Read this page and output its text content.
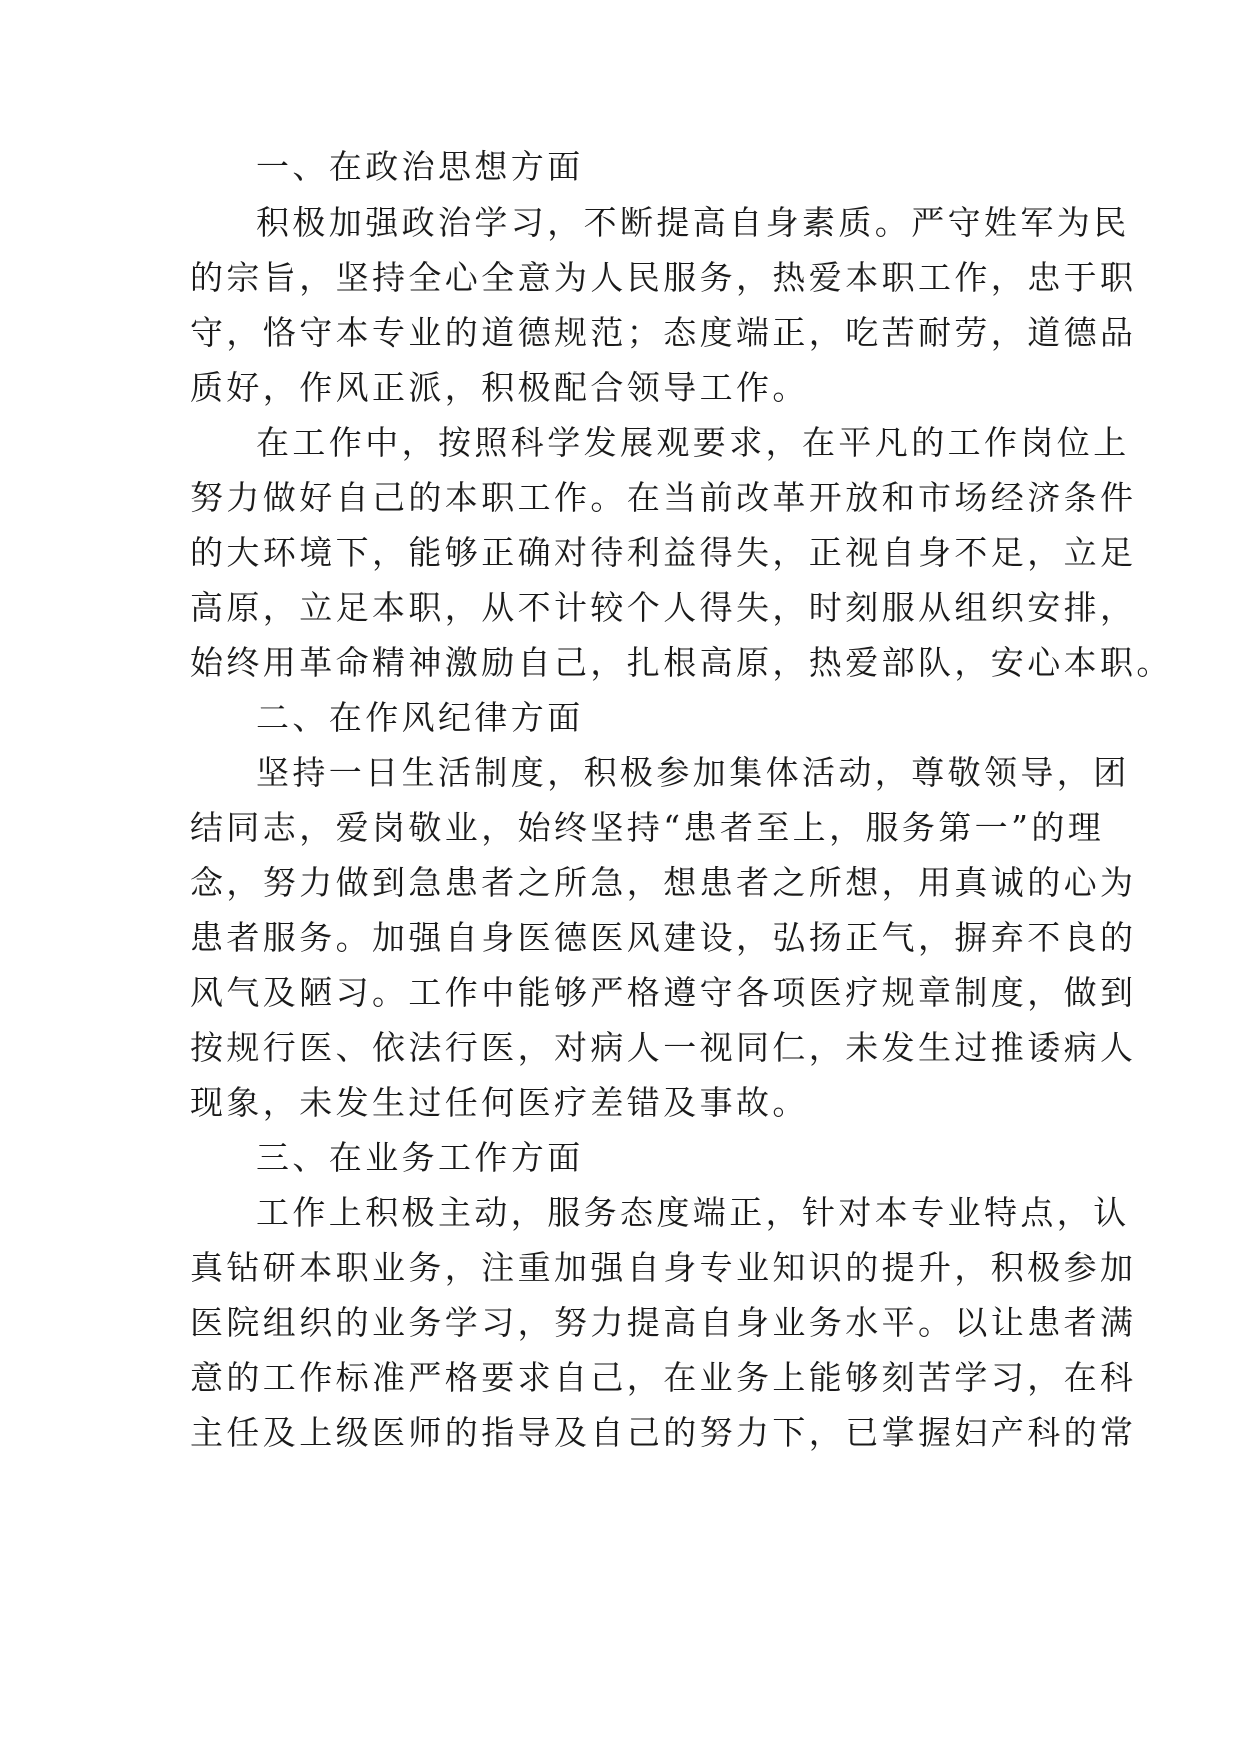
一、在政治思想方面
积极加强政治学习，不断提高自身素质。严守姓军为民
的宗旨，坚持全心全意为人民服务，热爱本职工作，忠于职
守，恪守本专业的道德规范；态度端正，吃苦耐劳，道德品
质好，作风正派，积极配合领导工作。
在工作中，按照科学发展观要求，在平凡的工作岗位上
努力做好自己的本职工作。在当前改革开放和市场经济条件
的大环境下，能够正确对待利益得失，正视自身不足，立足
高原，立足本职，从不计较个人得失，时刻服从组织安排，
始终用革命精神激励自己，扎根高原，热爱部队，安心本职。
二、在作风纪律方面
坚持一日生活制度，积极参加集体活动，尊敬领导，团
结同志，爱岗敬业，始终坚持“患者至上，服务第一”的理
念，努力做到急患者之所急，想患者之所想，用真诚的心为
患者服务。加强自身医德医风建设，弘扬正气，摒弃不良的
风气及陋习。工作中能够严格遵守各项医疗规章制度，做到
按规行医、依法行医，对病人一视同仁，未发生过推诿病人
现象，未发生过任何医疗差错及事故。
三、在业务工作方面
工作上积极主动，服务态度端正，针对本专业特点，认
真钻研本职业务，注重加强自身专业知识的提升，积极参加
医院组织的业务学习，努力提高自身业务水平。以让患者满
意的工作标准严格要求自己，在业务上能够刻苦学习，在科
主任及上级医师的指导及自己的努力下，已掌握妇产科的常
